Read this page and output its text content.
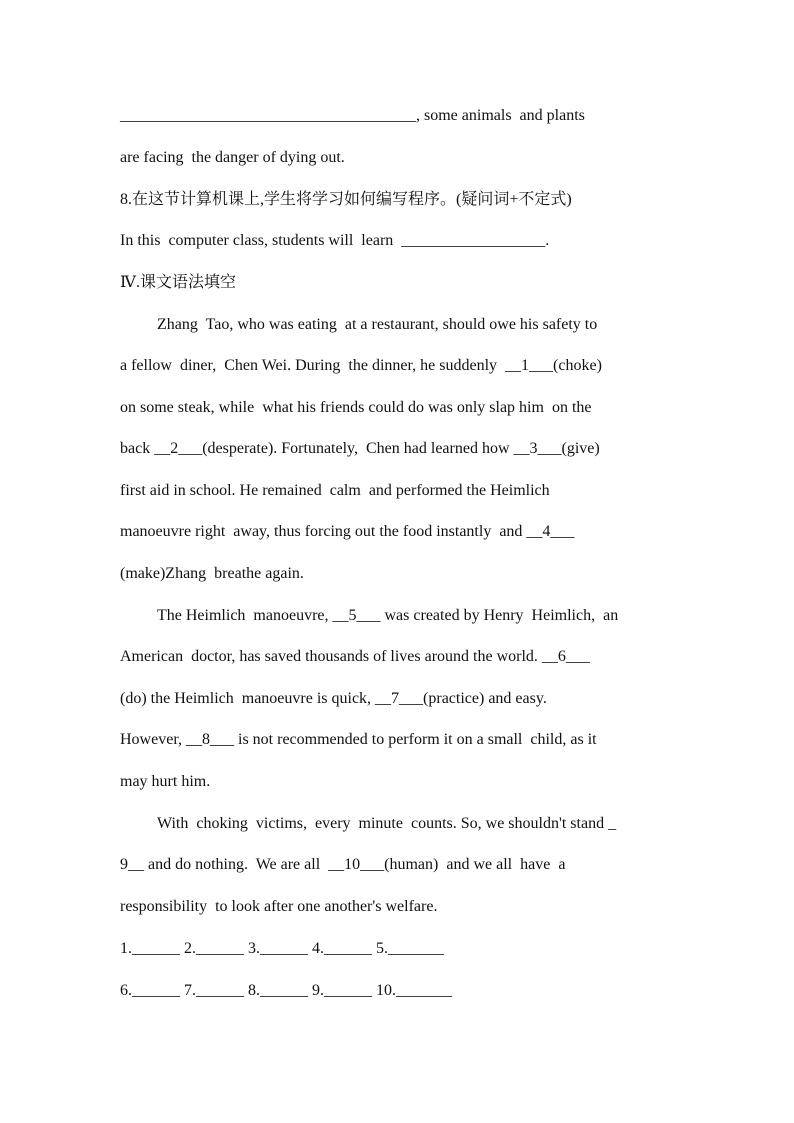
_____________________________________, some animals  and plants
are facing  the danger of dying out.
8.在这节计算机课上,学生将学习如何编写程序。(疑问词+不定式)
In this  computer class, students will  learn  __________________.
Ⅳ.课文语法填空
Zhang  Tao, who was eating  at a restaurant, should owe his safety to
a fellow  diner,  Chen Wei. During  the dinner, he suddenly  __1___(choke)
on some steak, while  what his friends could do was only slap him  on the
back __2___(desperate). Fortunately,  Chen had learned how __3___(give)
first aid in school. He remained  calm  and performed the Heimlich
manoeuvre right  away, thus forcing out the food instantly  and __4___
(make)Zhang  breathe again.
The Heimlich  manoeuvre, __5___ was created by Henry  Heimlich,  an
American  doctor, has saved thousands of lives around the world. __6___
(do) the Heimlich  manoeuvre is quick, __7___(practice) and easy.
However, __8___ is not recommended to perform it on a small  child, as it
may hurt him.
With  choking  victims,  every  minute  counts. So, we shouldn't stand _
9__ and do nothing.  We are all  __10___(human)  and we all  have  a
responsibility  to look after one another's welfare.
1.______ 2.______ 3.______ 4.______ 5._______
6.______ 7.______ 8.______ 9.______ 10._______
